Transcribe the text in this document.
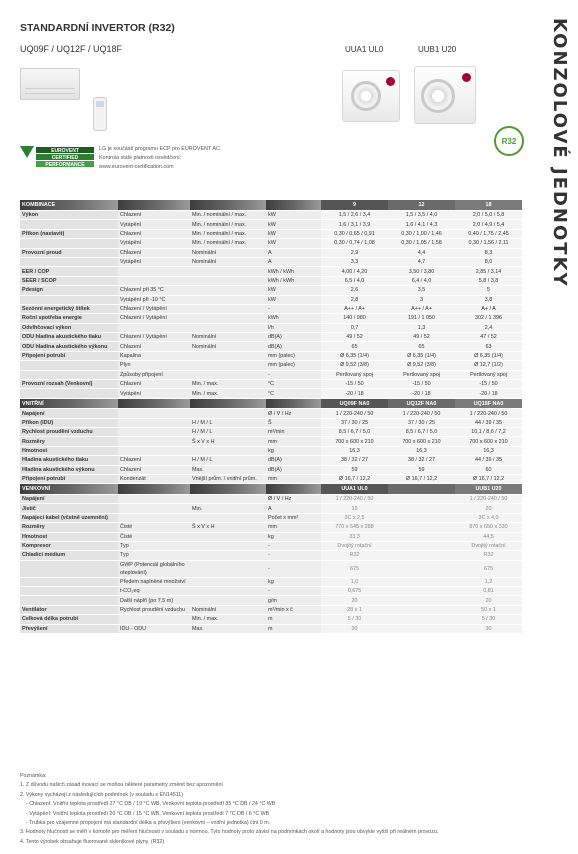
KONZOLOVÉ JEDNOTKY
STANDARDNÍ INVERTOR (R32)
UQ09F / UQ12F / UQ18F	UUA1 UL0	UUB1 U20
R32
EUROVENT
CERTIFIED
PERFORMANCE
LG je součástí programu ECP pro EUROVENT AC.
Kontrola stálé platnosti osvědčení:
www.eurovent-certification.com
KOMBINACE				9	12	18
Výkon	Chlazení	Min. / nominální / max.	kW	1,5 / 2,6 / 3,4	1,5 / 3,5 / 4,0	2,0 / 5,0 / 5,8
	Vytápění	Min. / nominální / max.	kW	1,6 / 3,1 / 3,9	1,6 / 4,1 / 4,3	2,0 / 4,9 / 5,4
Příkon (nastavit)	Chlazení	Min. / nominální / max.	kW	0,30 / 0,65 / 0,91	0,30 / 1,00 / 1,46	0,40 / 1,75 / 2,45
	Vytápění	Min. / nominální / max.	kW	0,30 / 0,74 / 1,08	0,30 / 1,05 / 1,58	0,30 / 1,56 / 2,11
Provozní proud	Chlazení	Nominální	A	2,9	4,4	8,3
	Vytápění	Nominální	A	3,3	4,7	8,0
EER / COP			kWh / kWh	4,00 / 4,20	3,50 / 3,80	2,85 / 3,14
SEER / SCOP			kWh / kWh	6,5 / 4,0	6,4 / 4,0	5,8 / 3,8
Pdesign	Chlazení při 35 °C		kW	2,6	3,5	5
	Vytápění při -10 °C		kW	2,8	3	3,8
Sezónní energetický štítek	Chlazení / Vytápění		-	A++ / A+	A++ / A+	A+ / A
Roční spotřeba energie	Chlazení / Vytápění		kWh	140 / 980	191 / 1 050	302 / 1 396
Odvlhčovací výkon			l/h	0,7	1,3	2,4
ODU hladina akustického tlaku	Chlazení / Vytápění	Nominální	dB(A)	49 / 52	49 / 52	47 / 52
ODU hladina akustického výkonu	Chlazení	Nominální	dB(A)	65	65	63
Připojení potrubí	Kapalina		mm (palec)	Ø 6,35 (1/4)	Ø 6,35 (1/4)	Ø 6,35 (1/4)
	Plyn		mm (palec)	Ø 9,52 (3/8)	Ø 9,52 (3/8)	Ø 12,7 (1/2)
	Způsoby připojení		-	Pertlovaný spoj	Pertlovaný spoj	Pertlovaný spoj
Provozní rozsah (Venkovní)	Chlazení	Min. / max.	°C	-15 / 50	-15 / 50	-15 / 50
	Vytápění	Min. / max.	°C	-20 / 18	-20 / 18	-20 / 18
VNITŘNÍ				UQ09F NA0	UQ12F NA0	UQ18F NA0
Napájení			Ø / V / Hz	1 / 220-240 / 50	1 / 220-240 / 50	1 / 220-240 / 50
Příkon (IDU)		H / M / L	Š	37 / 30 / 25	37 / 30 / 25	44 / 39 / 35
Rychlost proudění vzduchu		H / M / L	m³/min	8,5 / 6,7 / 5,0	8,5 / 6,7 / 5,0	10,1 / 8,6 / 7,2
Rozměry		Š x V x H	mm	700 x 600 x 210	700 x 600 x 210	700 x 600 x 210
Hmotnost			kg	16,3	16,3	16,3
Hladina akustického tlaku	Chlazení	H / M / L	dB(A)	38 / 32 / 27	38 / 32 / 27	44 / 39 / 35
Hladina akustického výkonu	Chlazení	Max.	dB(A)	59	59	60
Připojení potrubí	Kondenzát	Vnější prům. / vnitřní prům.	mm	Ø 16,7 / 12,2	Ø 16,7 / 12,2	Ø 16,7 / 12,2
VENKOVNÍ				UUA1 UL0		UUB1 U20
Napájení			Ø / V / Hz	1 / 220-240 / 50		1 / 220-240 / 50
Jistič		Min.	A	15		20
Napájecí kabel (včetně uzemnění)			Počet x mm²	3C x 2,5		3C x 4,0
Rozměry	Čisté	Š x V x H	mm	770 x 545 x 288		870 x 650 x 330
Hmotnost	Čisté		kg	33,3		44,5
Kompresor	Typ		-	Dvojitý rotační		Dvojitý rotační
Chladicí médium	Typ		-	R32		R32
	GWP (Potenciál globálního oteplování)		-	675		675
	Předem naplněné množství		kg	1,0		1,2
	t-CO₂eq		-	0,675		0,81
	Další náplň (po 7,5 m)		g/m	20		20
Ventilátor	Rychlost proudění vzduchu	Nominální	m³/min x č	28 x 1		50 x 1
Celková délka potrubí		Min. / max.	m	5 / 30		5 / 30
Převýšení	IDU - ODU	Max.	m	30		30
Poznámka:
1. Z důvodu našich zásad inovací se mohou některé parametry změnit bez upozornění
2. Výkony vycházejí z následujících podmínek (v souladu s EN14511)
- Chlazení: Vnitřní teplota prostředí 27 °C DB / 19 °C WB, Venkovní teplota prostředí 35 °C DB / 24 °C WB
- Vytápění: Vnitřní teplota prostředí 20 °C DB / 15 °C WB, Venkovní teplota prostředí 7 °C DB / 6 °C WB
- Trubka pro vzájemné propojení má standardní délka a převýšení (venkovní – vnitřní jednotka) činí 0 m.
3. Hodnoty hlučnosti se měří v komoře pro měření hlučnosti v souladu s normou. Tyto hodnoty proto závisí na podmínkách okolí a hodnoty jsou obvykle vyšší při reálném provozu.
4. Tento výrobek obsahuje fluorované skleníkové plyny. (R32)
